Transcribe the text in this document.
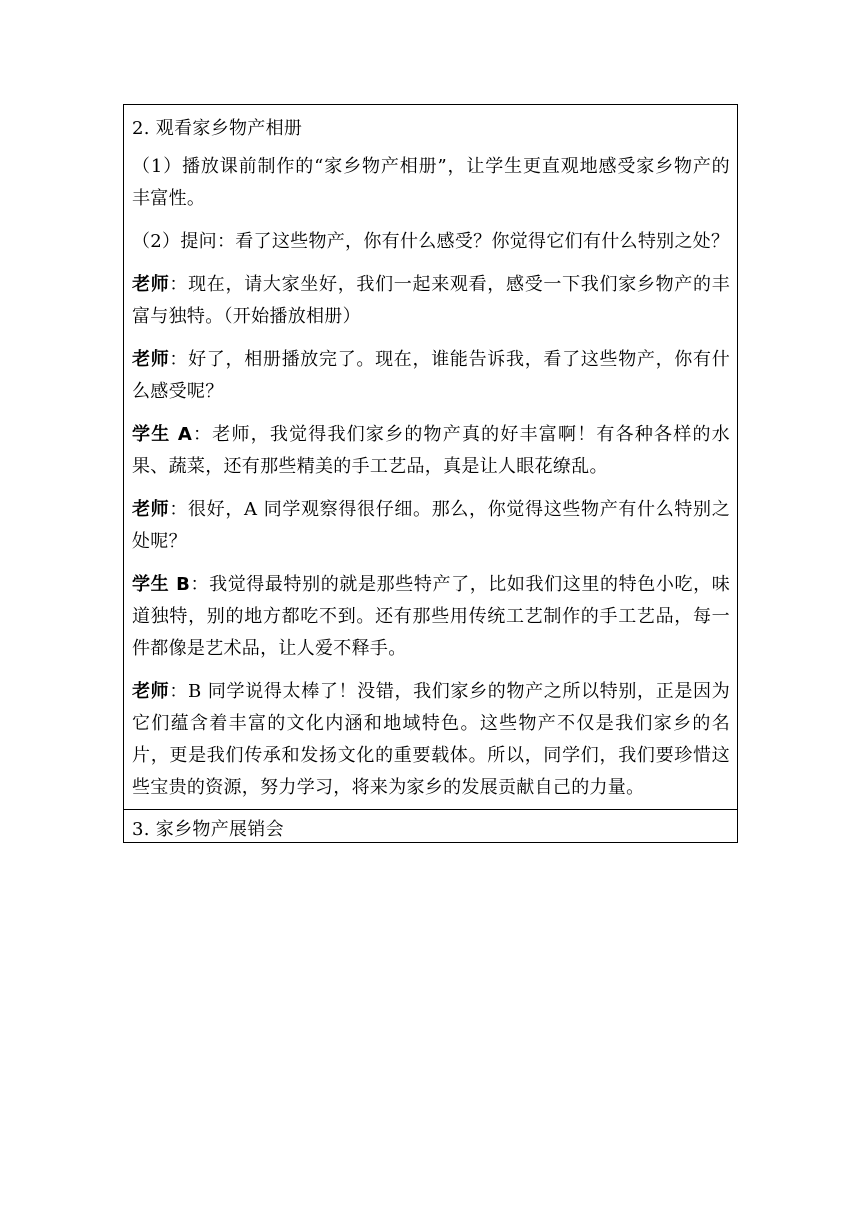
2. 观看家乡物产相册

（1）播放课前制作的“家乡物产相册”，让学生更直观地感受家乡物产的丰富性。

（2）提问：看了这些物产，你有什么感受？你觉得它们有什么特别之处？

老师：现在，请大家坐好，我们一起来观看，感受一下我们家乡物产的丰富与独特。（开始播放相册）

老师：好了，相册播放完了。现在，谁能告诉我，看了这些物产，你有什么感受呢？

学生 A：老师，我觉得我们家乡的物产真的好丰富啊！有各种各样的水果、蔬菜，还有那些精美的手工艺品，真是让人眼花缭乱。

老师：很好，A 同学观察得很仔细。那么，你觉得这些物产有什么特别之处呢？

学生 B：我觉得最特别的就是那些特产了，比如我们这里的特色小吃，味道独特，别的地方都吃不到。还有那些用传统工艺制作的手工艺品，每一件都像是艺术品，让人爱不释手。

老师：B 同学说得太棒了！没错，我们家乡的物产之所以特别，正是因为它们蕴含着丰富的文化内涵和地域特色。这些物产不仅是我们家乡的名片，更是我们传承和发扬文化的重要载体。所以，同学们，我们要珍惜这些宝贵的资源，努力学习，将来为家乡的发展贡献自己的力量。

3. 家乡物产展销会
